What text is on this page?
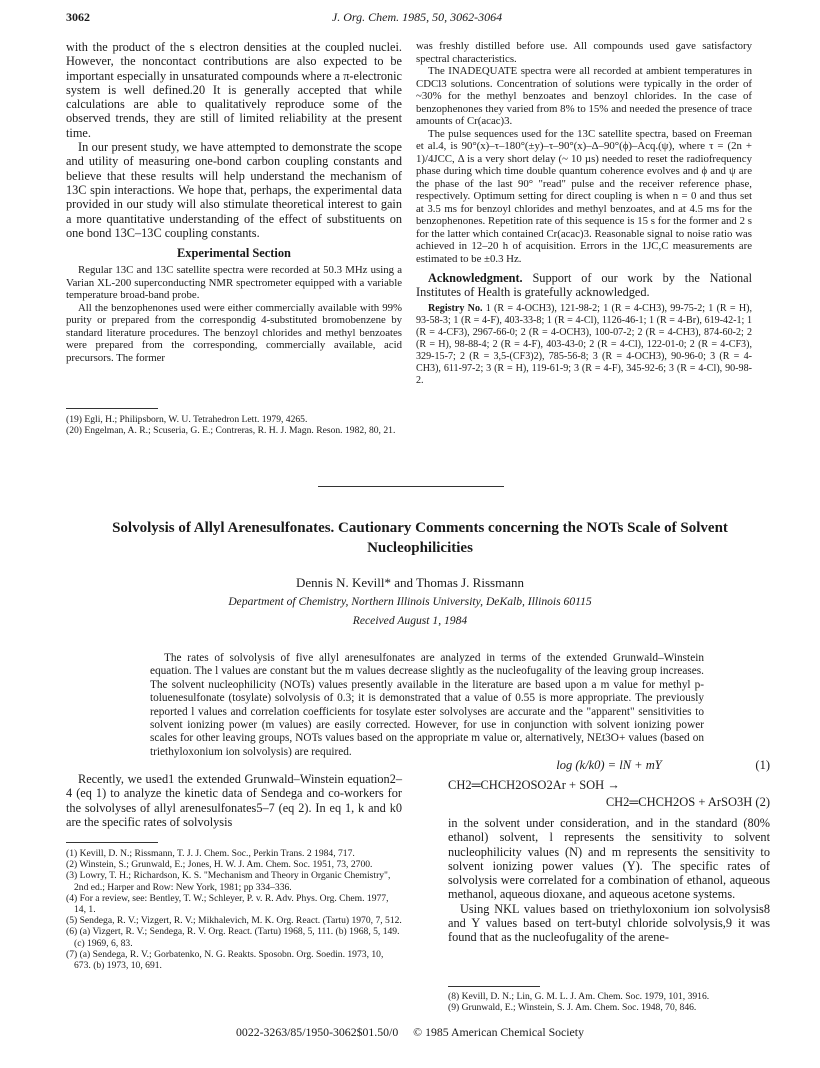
3062	J. Org. Chem. 1985, 50, 3062-3064

with the product of the s electron densities at the coupled nuclei. However, the noncontact contributions are also expected to be important especially in unsaturated compounds where a π-electronic system is well defined.20 It is generally accepted that while calculations are able to qualitatively reproduce some of the observed trends, they are still of limited reliability at the present time.

In our present study, we have attempted to demonstrate the scope and utility of measuring one-bond carbon coupling constants and believe that these results will help understand the mechanism of 13C spin interactions. We hope that, perhaps, the experimental data provided in our study will also stimulate theoretical interest to gain a more quantitative understanding of the effect of substituents on one bond 13C–13C coupling constants.

Experimental Section

Regular 13C and 13C satellite spectra were recorded at 50.3 MHz using a Varian XL-200 superconducting NMR spectrometer equipped with a variable temperature broad-band probe.

All the benzophenones used were either commercially available with 99% purity or prepared from the correspondig 4-substituted bromobenzene by standard literature procedures. The benzoyl chlorides and methyl benzoates were prepared from the corresponding, commercially available, acid precursors. The former

(19) Egli, H.; Philipsborn, W. U. Tetrahedron Lett. 1979, 4265.

(20) Engelman, A. R.; Scuseria, G. E.; Contreras, R. H. J. Magn. Reson. 1982, 80, 21.

was freshly distilled before use. All compounds used gave satisfactory spectral characteristics.

The INADEQUATE spectra were all recorded at ambient temperatures in CDCl3 solutions. Concentration of solutions were typically in the order of ~30% for the methyl benzoates and benzoyl chlorides. In the case of benzophenones they varied from 8% to 15% and needed the presence of trace amounts of Cr(acac)3.

The pulse sequences used for the 13C satellite spectra, based on Freeman et al.4, is 90°(x)–τ–180°(±y)–τ–90°(x)–Δ–90°(ϕ)–Acq.(ψ), where τ = (2n + 1)/4JCC, Δ is a very short delay (~ 10 µs) needed to reset the radiofrequency phase during which time double quantum coherence evolves and ϕ and ψ are the phase of the last 90° "read" pulse and the receiver reference phase, respectively. Optimum setting for direct coupling is when n = 0 and thus set at 3.5 ms for benzoyl chlorides and methyl benzoates, and at 4.5 ms for the benzophenones. Repetition rate of this sequence is 15 s for the former and 2 s for the latter which contained Cr(acac)3. Reasonable signal to noise ratio was achieved in 12–20 h of acquisition. Errors in the 1JC,C measurements are estimated to be ±0.3 Hz.

Acknowledgment. Support of our work by the National Institutes of Health is gratefully acknowledged.

Registry No. 1 (R = 4-OCH3), 121-98-2; 1 (R = 4-CH3), 99-75-2; 1 (R = H), 93-58-3; 1 (R = 4-F), 403-33-8; 1 (R = 4-Cl), 1126-46-1; 1 (R = 4-Br), 619-42-1; 1 (R = 4-CF3), 2967-66-0; 2 (R = 4-OCH3), 100-07-2; 2 (R = 4-CH3), 874-60-2; 2 (R = H), 98-88-4; 2 (R = 4-F), 403-43-0; 2 (R = 4-Cl), 122-01-0; 2 (R = 4-CF3), 329-15-7; 2 (R = 3,5-(CF3)2), 785-56-8; 3 (R = 4-OCH3), 90-96-0; 3 (R = 4-CH3), 611-97-2; 3 (R = H), 119-61-9; 3 (R = 4-F), 345-92-6; 3 (R = 4-Cl), 90-98-2.

Solvolysis of Allyl Arenesulfonates. Cautionary Comments concerning the NOTs Scale of Solvent Nucleophilicities
Dennis N. Kevill* and Thomas J. Rissmann
Department of Chemistry, Northern Illinois University, DeKalb, Illinois 60115
Received August 1, 1984
The rates of solvolysis of five allyl arenesulfonates are analyzed in terms of the extended Grunwald–Winstein equation. The l values are constant but the m values decrease slightly as the nucleofugality of the leaving group increases. The solvent nucleophilicity (NOTs) values presently available in the literature are based upon a m value for methyl p-toluenesulfonate (tosylate) solvolysis of 0.3; it is demonstrated that a value of 0.55 is more appropriate. The previously reported l values and correlation coefficients for tosylate ester solvolyses are accurate and the "apparent" sensitivities to solvent ionizing power (m values) are easily corrected. However, for use in conjunction with solvent ionizing power scales for other leaving groups, NOTs values based on the appropriate m value or, alternatively, NEt3O+ values (based on triethyloxonium ion solvolysis) are required.

Recently, we used1 the extended Grunwald–Winstein equation2–4 (eq 1) to analyze the kinetic data of Sendega and co-workers for the solvolyses of allyl arenesulfonates5–7 (eq 2). In eq 1, k and k0 are the specific rates of solvolysis

(1) Kevill, D. N.; Rissmann, T. J. J. Chem. Soc., Perkin Trans. 2 1984, 717.

(2) Winstein, S.; Grunwald, E.; Jones, H. W. J. Am. Chem. Soc. 1951, 73, 2700.

(3) Lowry, T. H.; Richardson, K. S. "Mechanism and Theory in Organic Chemistry", 2nd ed.; Harper and Row: New York, 1981; pp 334–336.

(4) For a review, see: Bentley, T. W.; Schleyer, P. v. R. Adv. Phys. Org. Chem. 1977, 14, 1.

(5) Sendega, R. V.; Vizgert, R. V.; Mikhalevich, M. K. Org. React. (Tartu) 1970, 7, 512.

(6) (a) Vizgert, R. V.; Sendega, R. V. Org. React. (Tartu) 1968, 5, 111. (b) 1968, 5, 149. (c) 1969, 6, 83.

(7) (a) Sendega, R. V.; Gorbatenko, N. G. Reakts. Sposobn. Org. Soedin. 1973, 10, 673. (b) 1973, 10, 691.

log (k/k0) = lN + mY	(1)
CH2═CHCH2OSO2Ar + SOH →
CH2═CHCH2OS + ArSO3H (2)

in the solvent under consideration, and in the standard (80% ethanol) solvent, l represents the sensitivity to solvent nucleophilicity values (N) and m represents the sensitivity to solvent ionizing power values (Y). The specific rates of solvolysis were correlated for a combination of ethanol, aqueous methanol, aqueous dioxane, and aqueous acetone systems.

Using NKL values based on triethyloxonium ion solvolysis8 and Y values based on tert-butyl chloride solvolysis,9 it was found that as the nucleofugality of the arene-

(8) Kevill, D. N.; Lin, G. M. L. J. Am. Chem. Soc. 1979, 101, 3916.

(9) Grunwald, E.; Winstein, S. J. Am. Chem. Soc. 1948, 70, 846.

0022-3263/85/1950-3062$01.50/0 © 1985 American Chemical Society
